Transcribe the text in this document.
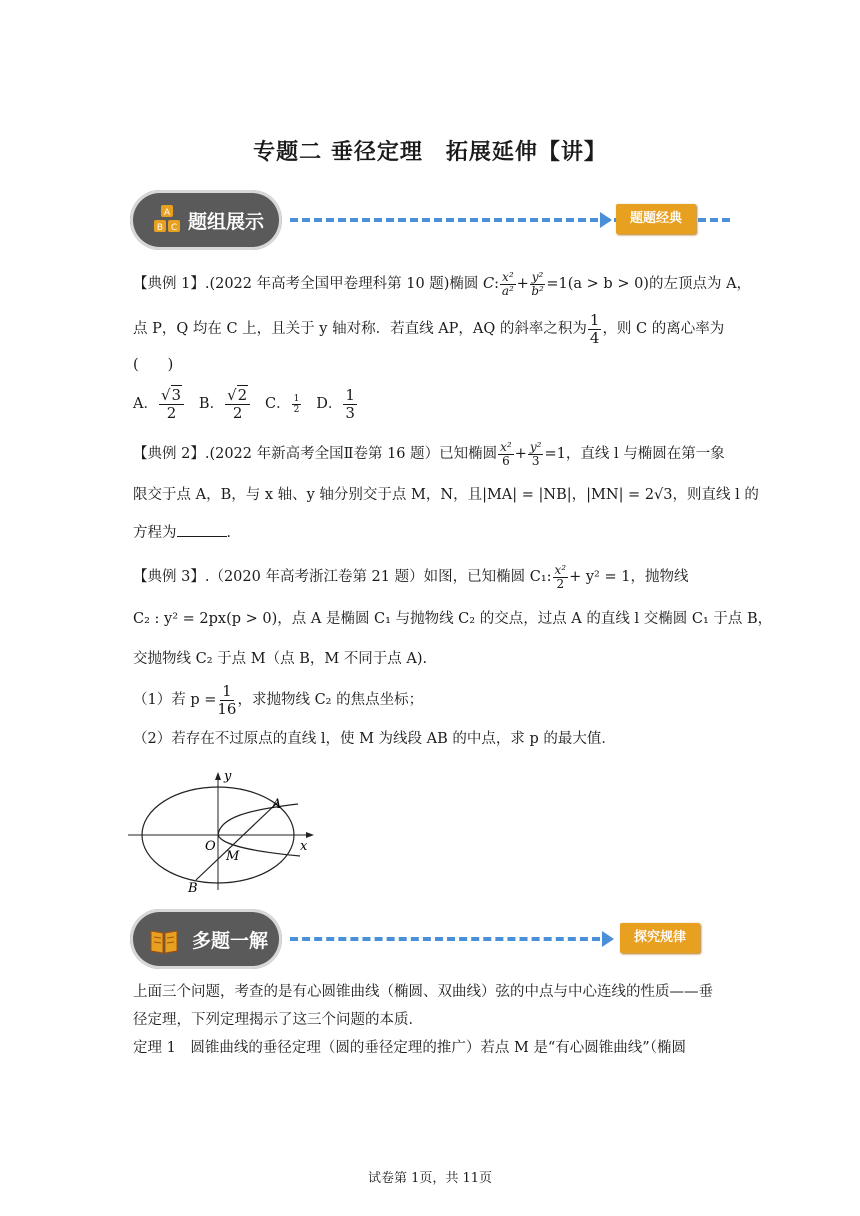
专题二 垂径定理　拓展延伸【讲】
A
B C 题组展示	题题经典
【典例 1】.(2022 年高考全国甲卷理科第 10 题)椭圆 C: $\frac{\text{x²}}{\text{a²}} + \frac{\text{y²}}{\text{b²}} =1(a > b > 0)$的左顶点为 A，
点 P，Q 均在 C 上，且关于 y 轴对称．若直线 AP，AQ 的斜率之积为 $\frac{1}{4}$ ，则 C 的离心率为
(　　)
A． $\frac{√3}{2}$ B． $\frac{√2}{2}$ C． $\frac{1}{2}$ D． $\frac{1}{3}$
【典例 2】.(2022 年新高考全国Ⅱ卷第 16 题）已知椭圆 $\frac{\text{x²}}{6} + \frac{\text{y²}}{3} =1$，直线 l 与椭圆在第一象
限交于点 A，B，与 x 轴、y 轴分别交于点 M，N，且|MA| = |NB|，|MN| = 2√3，则直线 l 的
方程为	．
【典例 3】.（2020 年高考浙江卷第 21 题）如图，已知椭圆 C₁: $\frac{\text{x²}}{2} + y^2 = 1$，抛物线
C₂ : y² = 2px(p > 0)，点 A 是椭圆 C₁ 与抛物线 C₂ 的交点，过点 A 的直线 l 交椭圆 C₁ 于点 B，
交抛物线 C₂ 于点 M（点 B，M 不同于点 A).
（1）若 $p = \frac{1}{16}$ ，求抛物线 C₂ 的焦点坐标；
（2）若存在不过原点的直线 l，使 M 为线段 AB 的中点，求 p 的最大值．
y
A
O
M
x
B
多题一解	探究规律
上面三个问题，考查的是有心圆锥曲线（椭圆、双曲线）弦的中点与中心连线的性质——垂
径定理，下列定理揭示了这三个问题的本质．
定理 1　圆锥曲线的垂径定理（圆的垂径定理的推广）若点 M 是“有心圆锥曲线”（椭圆
试卷第 1页，共 11页
